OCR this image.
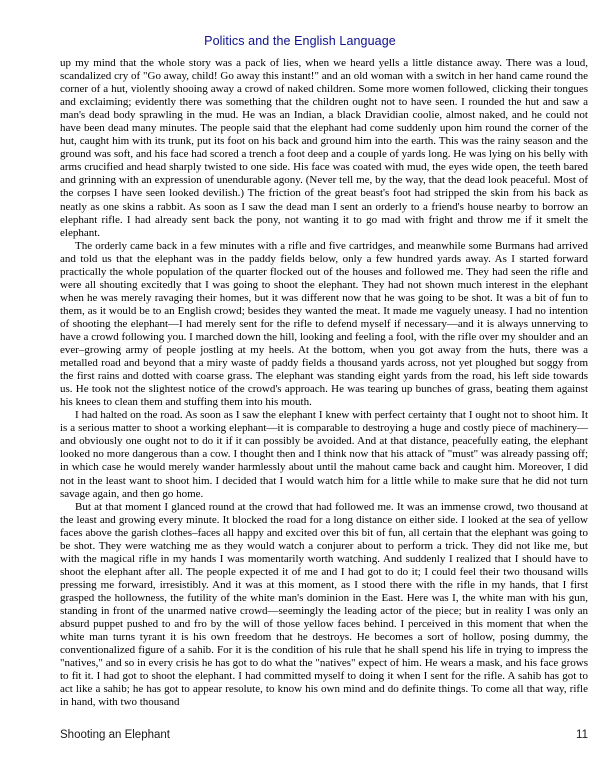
Politics and the English Language

up my mind that the whole story was a pack of lies, when we heard yells a little distance away. There was a loud, scandalized cry of "Go away, child! Go away this instant!" and an old woman with a switch in her hand came round the corner of a hut, violently shooing away a crowd of naked children. Some more women followed, clicking their tongues and exclaiming; evidently there was something that the children ought not to have seen. I rounded the hut and saw a man's dead body sprawling in the mud. He was an Indian, a black Dravidian coolie, almost naked, and he could not have been dead many minutes. The people said that the elephant had come suddenly upon him round the corner of the hut, caught him with its trunk, put its foot on his back and ground him into the earth. This was the rainy season and the ground was soft, and his face had scored a trench a foot deep and a couple of yards long. He was lying on his belly with arms crucified and head sharply twisted to one side. His face was coated with mud, the eyes wide open, the teeth bared and grinning with an expression of unendurable agony. (Never tell me, by the way, that the dead look peaceful. Most of the corpses I have seen looked devilish.) The friction of the great beast's foot had stripped the skin from his back as neatly as one skins a rabbit. As soon as I saw the dead man I sent an orderly to a friend's house nearby to borrow an elephant rifle. I had already sent back the pony, not wanting it to go mad with fright and throw me if it smelt the elephant.

The orderly came back in a few minutes with a rifle and five cartridges, and meanwhile some Burmans had arrived and told us that the elephant was in the paddy fields below, only a few hundred yards away. As I started forward practically the whole population of the quarter flocked out of the houses and followed me. They had seen the rifle and were all shouting excitedly that I was going to shoot the elephant. They had not shown much interest in the elephant when he was merely ravaging their homes, but it was different now that he was going to be shot. It was a bit of fun to them, as it would be to an English crowd; besides they wanted the meat. It made me vaguely uneasy. I had no intention of shooting the elephant––I had merely sent for the rifle to defend myself if necessary––and it is always unnerving to have a crowd following you. I marched down the hill, looking and feeling a fool, with the rifle over my shoulder and an ever–growing army of people jostling at my heels. At the bottom, when you got away from the huts, there was a metalled road and beyond that a miry waste of paddy fields a thousand yards across, not yet ploughed but soggy from the first rains and dotted with coarse grass. The elephant was standing eight yards from the road, his left side towards us. He took not the slightest notice of the crowd's approach. He was tearing up bunches of grass, beating them against his knees to clean them and stuffing them into his mouth.

I had halted on the road. As soon as I saw the elephant I knew with perfect certainty that I ought not to shoot him. It is a serious matter to shoot a working elephant––it is comparable to destroying a huge and costly piece of machinery––and obviously one ought not to do it if it can possibly be avoided. And at that distance, peacefully eating, the elephant looked no more dangerous than a cow. I thought then and I think now that his attack of "must" was already passing off; in which case he would merely wander harmlessly about until the mahout came back and caught him. Moreover, I did not in the least want to shoot him. I decided that I would watch him for a little while to make sure that he did not turn savage again, and then go home.

But at that moment I glanced round at the crowd that had followed me. It was an immense crowd, two thousand at the least and growing every minute. It blocked the road for a long distance on either side. I looked at the sea of yellow faces above the garish clothes–faces all happy and excited over this bit of fun, all certain that the elephant was going to be shot. They were watching me as they would watch a conjurer about to perform a trick. They did not like me, but with the magical rifle in my hands I was momentarily worth watching. And suddenly I realized that I should have to shoot the elephant after all. The people expected it of me and I had got to do it; I could feel their two thousand wills pressing me forward, irresistibly. And it was at this moment, as I stood there with the rifle in my hands, that I first grasped the hollowness, the futility of the white man's dominion in the East. Here was I, the white man with his gun, standing in front of the unarmed native crowd––seemingly the leading actor of the piece; but in reality I was only an absurd puppet pushed to and fro by the will of those yellow faces behind. I perceived in this moment that when the white man turns tyrant it is his own freedom that he destroys. He becomes a sort of hollow, posing dummy, the conventionalized figure of a sahib. For it is the condition of his rule that he shall spend his life in trying to impress the "natives," and so in every crisis he has got to do what the "natives" expect of him. He wears a mask, and his face grows to fit it. I had got to shoot the elephant. I had committed myself to doing it when I sent for the rifle. A sahib has got to act like a sahib; he has got to appear resolute, to know his own mind and do definite things. To come all that way, rifle in hand, with two thousand

Shooting an Elephant	11
